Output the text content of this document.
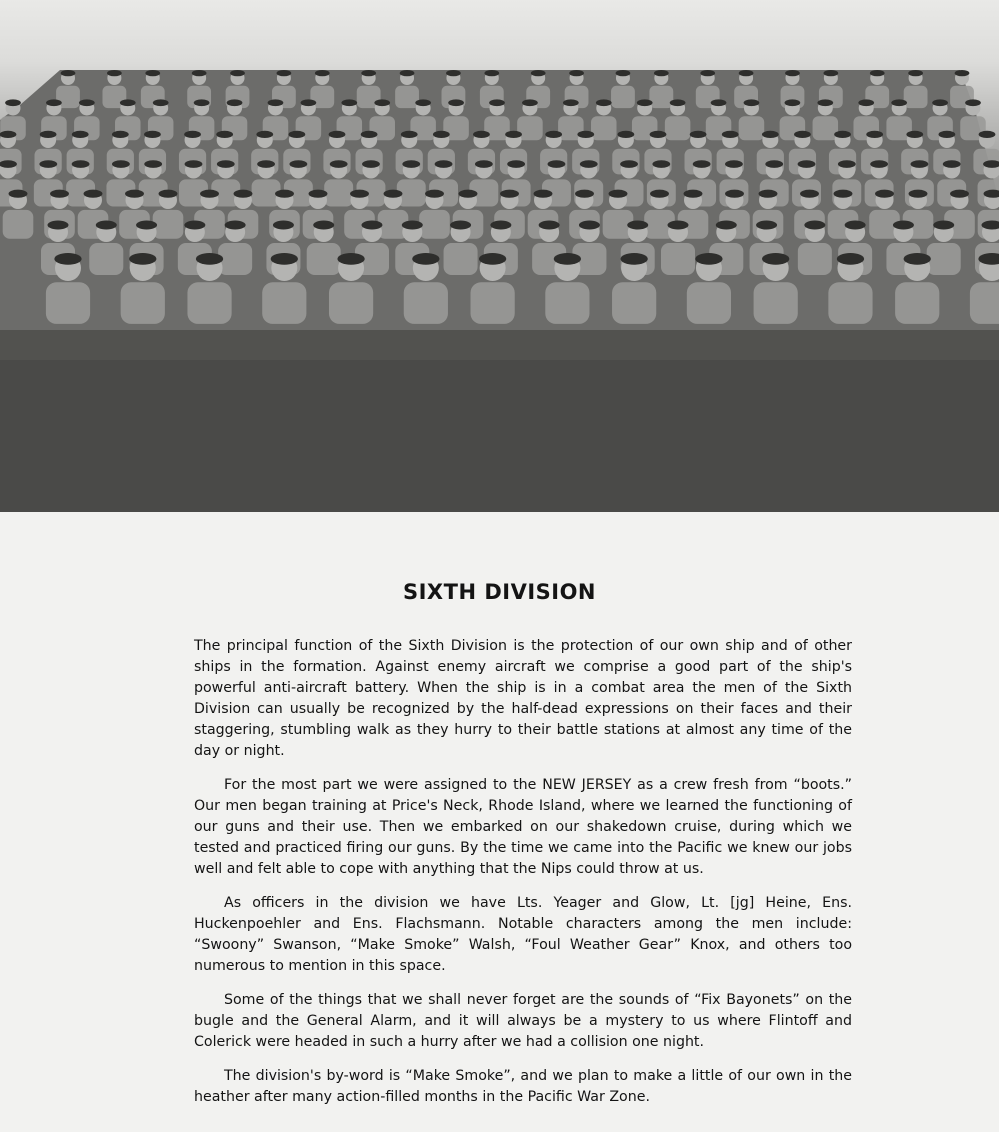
SIXTH DIVISION

The principal function of the Sixth Division is the protection of our own ship and of other ships in the formation. Against enemy aircraft we comprise a good part of the ship's powerful anti-aircraft battery. When the ship is in a combat area the men of the Sixth Division can usually be recognized by the half-dead expressions on their faces and their staggering, stumbling walk as they hurry to their battle stations at almost any time of the day or night.

For the most part we were assigned to the NEW JERSEY as a crew fresh from “boots.” Our men began training at Price's Neck, Rhode Island, where we learned the functioning of our guns and their use. Then we embarked on our shakedown cruise, during which we tested and practiced firing our guns. By the time we came into the Pacific we knew our jobs well and felt able to cope with anything that the Nips could throw at us.

As officers in the division we have Lts. Yeager and Glow, Lt. [jg] Heine, Ens. Huckenpoehler and Ens. Flachsmann. Notable characters among the men include: “Swoony” Swanson, “Make Smoke” Walsh, “Foul Weather Gear” Knox, and others too numerous to mention in this space.

Some of the things that we shall never forget are the sounds of “Fix Bayonets” on the bugle and the General Alarm, and it will always be a mystery to us where Flintoff and Colerick were headed in such a hurry after we had a collision one night.

The division's by-word is “Make Smoke”, and we plan to make a little of our own in the heather after many action-filled months in the Pacific War Zone.
